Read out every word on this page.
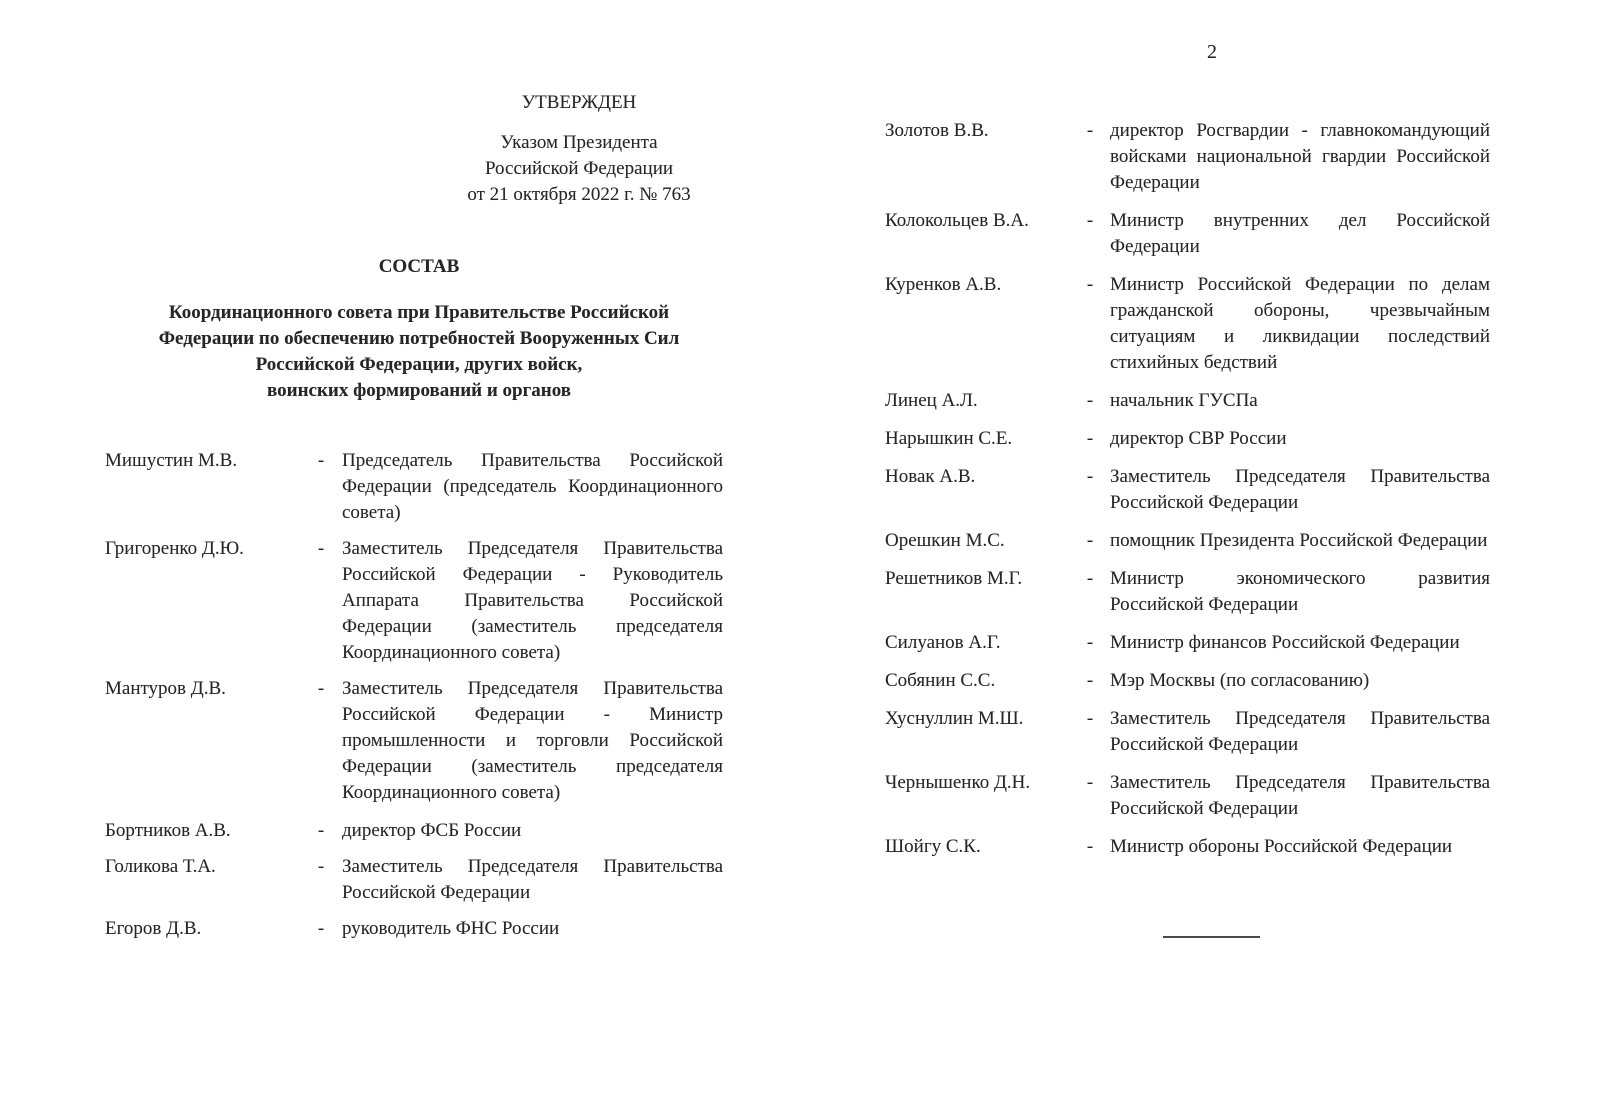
УТВЕРЖДЕН
Указом Президента
Российской Федерации
от 21 октября 2022 г. № 763
СОСТАВ
Координационного совета при Правительстве Российской
Федерации по обеспечению потребностей Вооруженных Сил
Российской Федерации, других войск,
воинских формирований и органов
Мишустин М.В.	- Председатель Правительства Российской Федерации (председатель Координационного совета)
Григоренко Д.Ю.	- Заместитель Председателя Правительства Российской Федерации - Руководитель Аппарата Правительства Российской Федерации (заместитель председателя Координационного совета)
Мантуров Д.В.	- Заместитель Председателя Правительства Российской Федерации - Министр промышленности и торговли Российской Федерации (заместитель председателя Координационного совета)
Бортников А.В.	- директор ФСБ России
Голикова Т.А.	- Заместитель Председателя Правительства Российской Федерации
Егоров Д.В.	- руководитель ФНС России
2
Золотов В.В.	- директор Росгвардии - главнокомандующий войсками национальной гвардии Российской Федерации
Колокольцев В.А.	- Министр внутренних дел Российской Федерации
Куренков А.В.	- Министр Российской Федерации по делам гражданской обороны, чрезвычайным ситуациям и ликвидации последствий стихийных бедствий
Линец А.Л.	- начальник ГУСПа
Нарышкин С.Е.	- директор СВР России
Новак А.В.	- Заместитель Председателя Правительства Российской Федерации
Орешкин М.С.	- помощник Президента Российской Федерации
Решетников М.Г.	- Министр экономического развития Российской Федерации
Силуанов А.Г.	- Министр финансов Российской Федерации
Собянин С.С.	- Мэр Москвы (по согласованию)
Хуснуллин М.Ш.	- Заместитель Председателя Правительства Российской Федерации
Чернышенко Д.Н.	- Заместитель Председателя Правительства Российской Федерации
Шойгу С.К.	- Министр обороны Российской Федерации
